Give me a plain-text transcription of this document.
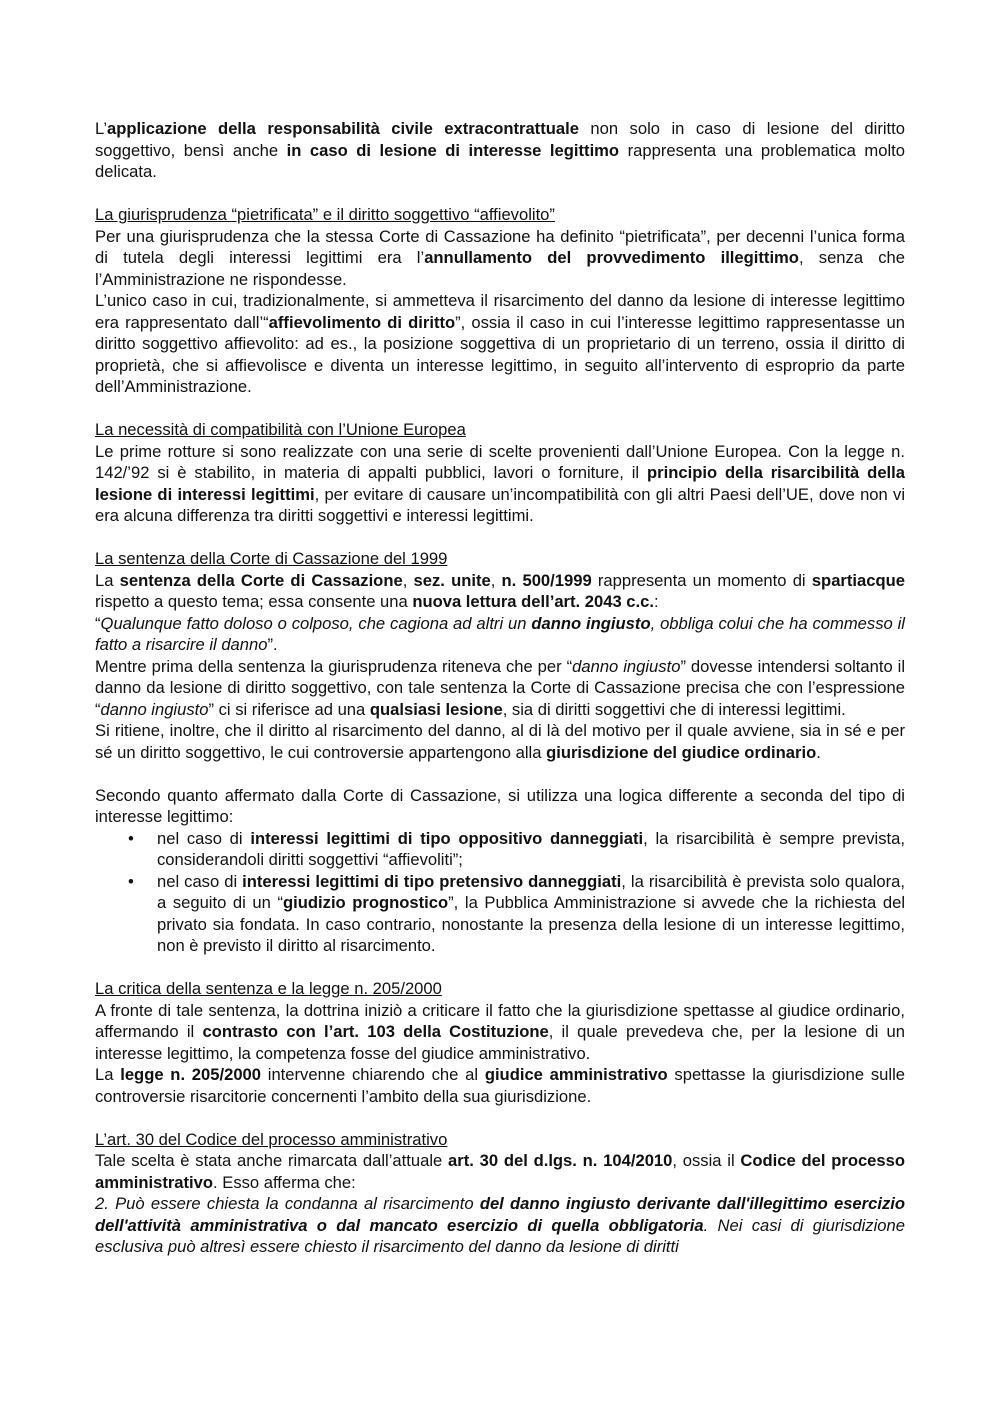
L’applicazione della responsabilità civile extracontrattuale non solo in caso di lesione del diritto soggettivo, bensì anche in caso di lesione di interesse legittimo rappresenta una problematica molto delicata.

La giurisprudenza “pietrificata” e il diritto soggettivo “affievolito”

Per una giurisprudenza che la stessa Corte di Cassazione ha definito “pietrificata”, per decenni l’unica forma di tutela degli interessi legittimi era l’annullamento del provvedimento illegittimo, senza che l’Amministrazione ne rispondesse.

L’unico caso in cui, tradizionalmente, si ammetteva il risarcimento del danno da lesione di interesse legittimo era rappresentato dall’“affievolimento di diritto”, ossia il caso in cui l’interesse legittimo rappresentasse un diritto soggettivo affievolito: ad es., la posizione soggettiva di un proprietario di un terreno, ossia il diritto di proprietà, che si affievolisce e diventa un interesse legittimo, in seguito all’intervento di esproprio da parte dell’Amministrazione.

La necessità di compatibilità con l’Unione Europea

Le prime rotture si sono realizzate con una serie di scelte provenienti dall’Unione Europea. Con la legge n. 142/’92 si è stabilito, in materia di appalti pubblici, lavori o forniture, il principio della risarcibilità della lesione di interessi legittimi, per evitare di causare un’incompatibilità con gli altri Paesi dell’UE, dove non vi era alcuna differenza tra diritti soggettivi e interessi legittimi.

La sentenza della Corte di Cassazione del 1999

La sentenza della Corte di Cassazione, sez. unite, n. 500/1999 rappresenta un momento di spartiacque rispetto a questo tema; essa consente una nuova lettura dell’art. 2043 c.c.:

“Qualunque fatto doloso o colposo, che cagiona ad altri un danno ingiusto, obbliga colui che ha commesso il fatto a risarcire il danno”.

Mentre prima della sentenza la giurisprudenza riteneva che per “danno ingiusto” dovesse intendersi soltanto il danno da lesione di diritto soggettivo, con tale sentenza la Corte di Cassazione precisa che con l’espressione “danno ingiusto” ci si riferisce ad una qualsiasi lesione, sia di diritti soggettivi che di interessi legittimi.

Si ritiene, inoltre, che il diritto al risarcimento del danno, al di là del motivo per il quale avviene, sia in sé e per sé un diritto soggettivo, le cui controversie appartengono alla giurisdizione del giudice ordinario.

Secondo quanto affermato dalla Corte di Cassazione, si utilizza una logica differente a seconda del tipo di interesse legittimo:

• nel caso di interessi legittimi di tipo oppositivo danneggiati, la risarcibilità è sempre prevista, considerandoli diritti soggettivi “affievoliti”;
• nel caso di interessi legittimi di tipo pretensivo danneggiati, la risarcibilità è prevista solo qualora, a seguito di un “giudizio prognostico”, la Pubblica Amministrazione si avvede che la richiesta del privato sia fondata. In caso contrario, nonostante la presenza della lesione di un interesse legittimo, non è previsto il diritto al risarcimento.

La critica della sentenza e la legge n. 205/2000

A fronte di tale sentenza, la dottrina iniziò a criticare il fatto che la giurisdizione spettasse al giudice ordinario, affermando il contrasto con l’art. 103 della Costituzione, il quale prevedeva che, per la lesione di un interesse legittimo, la competenza fosse del giudice amministrativo.

La legge n. 205/2000 intervenne chiarendo che al giudice amministrativo spettasse la giurisdizione sulle controversie risarcitorie concernenti l’ambito della sua giurisdizione.

L’art. 30 del Codice del processo amministrativo

Tale scelta è stata anche rimarcata dall’attuale art. 30 del d.lgs. n. 104/2010, ossia il Codice del processo amministrativo. Esso afferma che:

2. Può essere chiesta la condanna al risarcimento del danno ingiusto derivante dall'illegittimo esercizio dell'attività amministrativa o dal mancato esercizio di quella obbligatoria. Nei casi di giurisdizione esclusiva può altresì essere chiesto il risarcimento del danno da lesione di diritti
